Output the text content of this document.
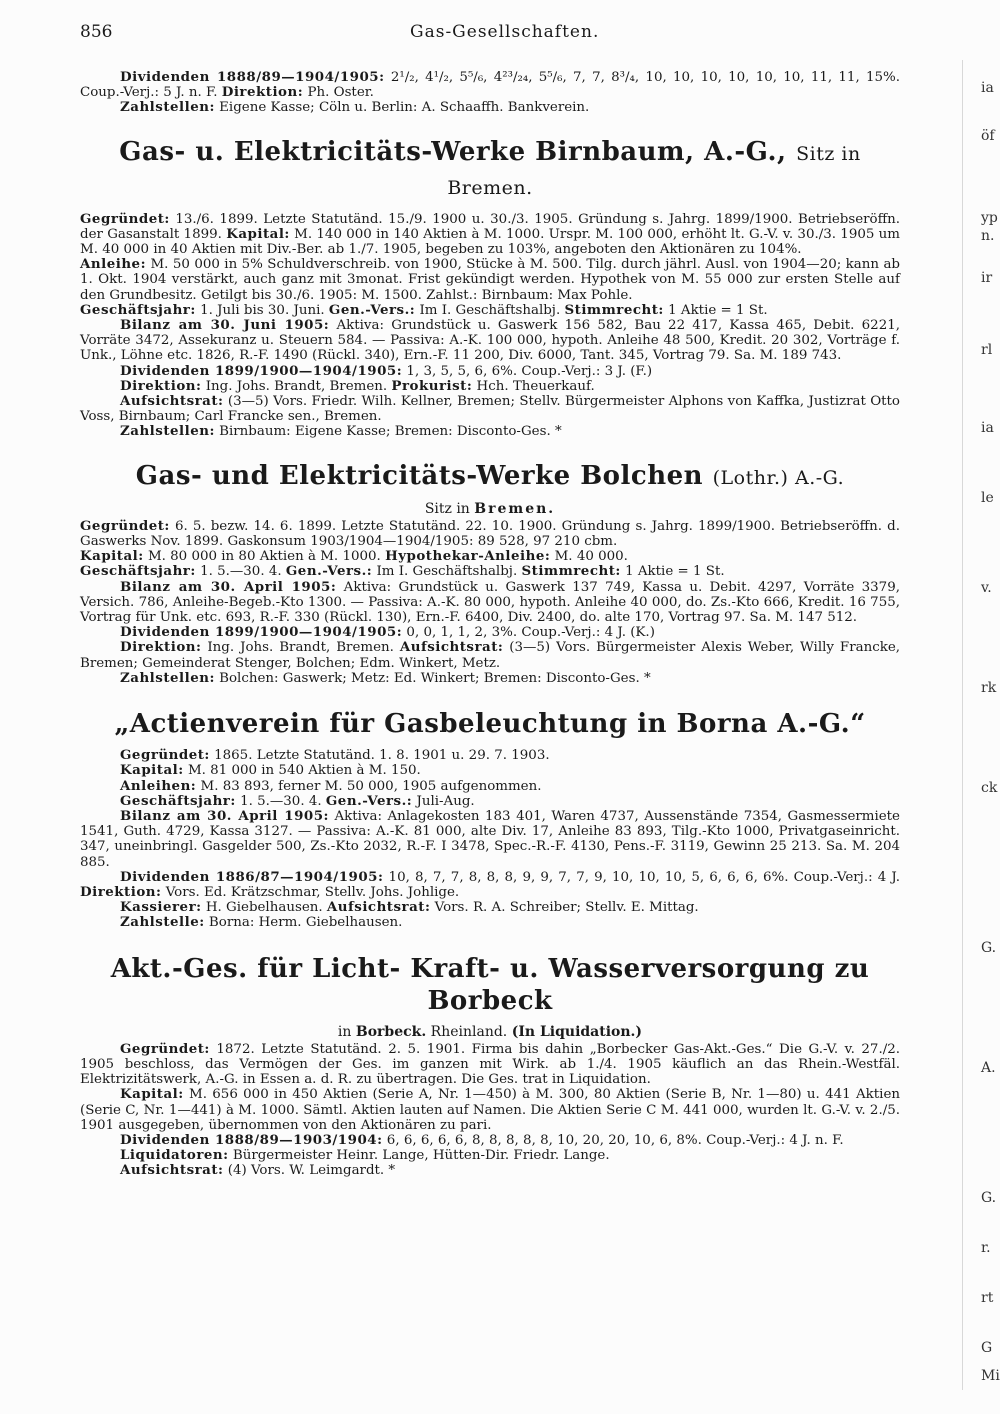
856	Gas-Gesellschaften.

Dividenden 1888/89—1904/1905: 2¹/₂, 4¹/₂, 5⁵/₆, 4²³/₂₄, 5⁵/₆, 7, 7, 8³/₄, 10, 10, 10, 10, 10, 10, 11, 11, 15%. Coup.-Verj.: 5 J. n. F. Direktion: Ph. Oster.

Zahlstellen: Eigene Kasse; Cöln u. Berlin: A. Schaaffh. Bankverein.

Gas- u. Elektricitäts-Werke Birnbaum, A.-G., Sitz in Bremen.

Gegründet: 13./6. 1899. Letzte Statutänd. 15./9. 1900 u. 30./3. 1905. Gründung s. Jahrg. 1899/1900. Betriebseröffn. der Gasanstalt 1899. Kapital: M. 140 000 in 140 Aktien à M. 1000. Urspr. M. 100 000, erhöht lt. G.-V. v. 30./3. 1905 um M. 40 000 in 40 Aktien mit Div.-Ber. ab 1./7. 1905, begeben zu 103%, angeboten den Aktionären zu 104%.

Anleihe: M. 50 000 in 5% Schuldverschreib. von 1900, Stücke à M. 500. Tilg. durch jährl. Ausl. von 1904—20; kann ab 1. Okt. 1904 verstärkt, auch ganz mit 3monat. Frist gekündigt werden. Hypothek von M. 55 000 zur ersten Stelle auf den Grundbesitz. Getilgt bis 30./6. 1905: M. 1500. Zahlst.: Birnbaum: Max Pohle.

Geschäftsjahr: 1. Juli bis 30. Juni. Gen.-Vers.: Im I. Geschäftshalbj. Stimmrecht: 1 Aktie = 1 St.

Bilanz am 30. Juni 1905: Aktiva: Grundstück u. Gaswerk 156 582, Bau 22 417, Kassa 465, Debit. 6221, Vorräte 3472, Assekuranz u. Steuern 584. — Passiva: A.-K. 100 000, hypoth. Anleihe 48 500, Kredit. 20 302, Vorträge f. Unk., Löhne etc. 1826, R.-F. 1490 (Rückl. 340), Ern.-F. 11 200, Div. 6000, Tant. 345, Vortrag 79. Sa. M. 189 743.

Dividenden 1899/1900—1904/1905: 1, 3, 5, 5, 6, 6%. Coup.-Verj.: 3 J. (F.)

Direktion: Ing. Johs. Brandt, Bremen. Prokurist: Hch. Theuerkauf.

Aufsichtsrat: (3—5) Vors. Friedr. Wilh. Kellner, Bremen; Stellv. Bürgermeister Alphons von Kaffka, Justizrat Otto Voss, Birnbaum; Carl Francke sen., Bremen.

Zahlstellen: Birnbaum: Eigene Kasse; Bremen: Disconto-Ges. *

Gas- und Elektricitäts-Werke Bolchen (Lothr.) A.-G.

Sitz in Bremen.

Gegründet: 6. 5. bezw. 14. 6. 1899. Letzte Statutänd. 22. 10. 1900. Gründung s. Jahrg. 1899/1900. Betriebseröffn. d. Gaswerks Nov. 1899. Gaskonsum 1903/1904—1904/1905: 89 528, 97 210 cbm.

Kapital: M. 80 000 in 80 Aktien à M. 1000. Hypothekar-Anleihe: M. 40 000.

Geschäftsjahr: 1. 5.—30. 4. Gen.-Vers.: Im I. Geschäftshalbj. Stimmrecht: 1 Aktie = 1 St.

Bilanz am 30. April 1905: Aktiva: Grundstück u. Gaswerk 137 749, Kassa u. Debit. 4297, Vorräte 3379, Versich. 786, Anleihe-Begeb.-Kto 1300. — Passiva: A.-K. 80 000, hypoth. Anleihe 40 000, do. Zs.-Kto 666, Kredit. 16 755, Vortrag für Unk. etc. 693, R.-F. 330 (Rückl. 130), Ern.-F. 6400, Div. 2400, do. alte 170, Vortrag 97. Sa. M. 147 512.

Dividenden 1899/1900—1904/1905: 0, 0, 1, 1, 2, 3%. Coup.-Verj.: 4 J. (K.)

Direktion: Ing. Johs. Brandt, Bremen. Aufsichtsrat: (3—5) Vors. Bürgermeister Alexis Weber, Willy Francke, Bremen; Gemeinderat Stenger, Bolchen; Edm. Winkert, Metz.

Zahlstellen: Bolchen: Gaswerk; Metz: Ed. Winkert; Bremen: Disconto-Ges. *

„Actienverein für Gasbeleuchtung in Borna A.-G.“

Gegründet: 1865. Letzte Statutänd. 1. 8. 1901 u. 29. 7. 1903.

Kapital: M. 81 000 in 540 Aktien à M. 150.

Anleihen: M. 83 893, ferner M. 50 000, 1905 aufgenommen.

Geschäftsjahr: 1. 5.—30. 4. Gen.-Vers.: Juli-Aug.

Bilanz am 30. April 1905: Aktiva: Anlagekosten 183 401, Waren 4737, Aussenstände 7354, Gasmessermiete 1541, Guth. 4729, Kassa 3127. — Passiva: A.-K. 81 000, alte Div. 17, Anleihe 83 893, Tilg.-Kto 1000, Privatgaseinricht. 347, uneinbringl. Gasgelder 500, Zs.-Kto 2032, R.-F. I 3478, Spec.-R.-F. 4130, Pens.-F. 3119, Gewinn 25 213. Sa. M. 204 885.

Dividenden 1886/87—1904/1905: 10, 8, 7, 7, 8, 8, 8, 9, 9, 7, 7, 9, 10, 10, 10, 5, 6, 6, 6, 6%. Coup.-Verj.: 4 J. Direktion: Vors. Ed. Krätzschmar, Stellv. Johs. Johlige.

Kassierer: H. Giebelhausen. Aufsichtsrat: Vors. R. A. Schreiber; Stellv. E. Mittag.

Zahlstelle: Borna: Herm. Giebelhausen.

Akt.-Ges. für Licht- Kraft- u. Wasserversorgung zu Borbeck

in Borbeck. Rheinland. (In Liquidation.)

Gegründet: 1872. Letzte Statutänd. 2. 5. 1901. Firma bis dahin „Borbecker Gas-Akt.-Ges.“ Die G.-V. v. 27./2. 1905 beschloss, das Vermögen der Ges. im ganzen mit Wirk. ab 1./4. 1905 käuflich an das Rhein.-Westfäl. Elektrizitätswerk, A.-G. in Essen a. d. R. zu übertragen. Die Ges. trat in Liquidation.

Kapital: M. 656 000 in 450 Aktien (Serie A, Nr. 1—450) à M. 300, 80 Aktien (Serie B, Nr. 1—80) u. 441 Aktien (Serie C, Nr. 1—441) à M. 1000. Sämtl. Aktien lauten auf Namen. Die Aktien Serie C M. 441 000, wurden lt. G.-V. v. 2./5. 1901 ausgegeben, übernommen von den Aktionären zu pari.

Dividenden 1888/89—1903/1904: 6, 6, 6, 6, 6, 8, 8, 8, 8, 8, 10, 20, 20, 10, 6, 8%. Coup.-Verj.: 4 J. n. F.

Liquidatoren: Bürgermeister Heinr. Lange, Hütten-Dir. Friedr. Lange.

Aufsichtsrat: (4) Vors. W. Leimgardt. *

ia
öf
yp
n.
ir
rl
ia
le
v.
rk
ck
G.
A.
G.
r.
rt
G
Mi
